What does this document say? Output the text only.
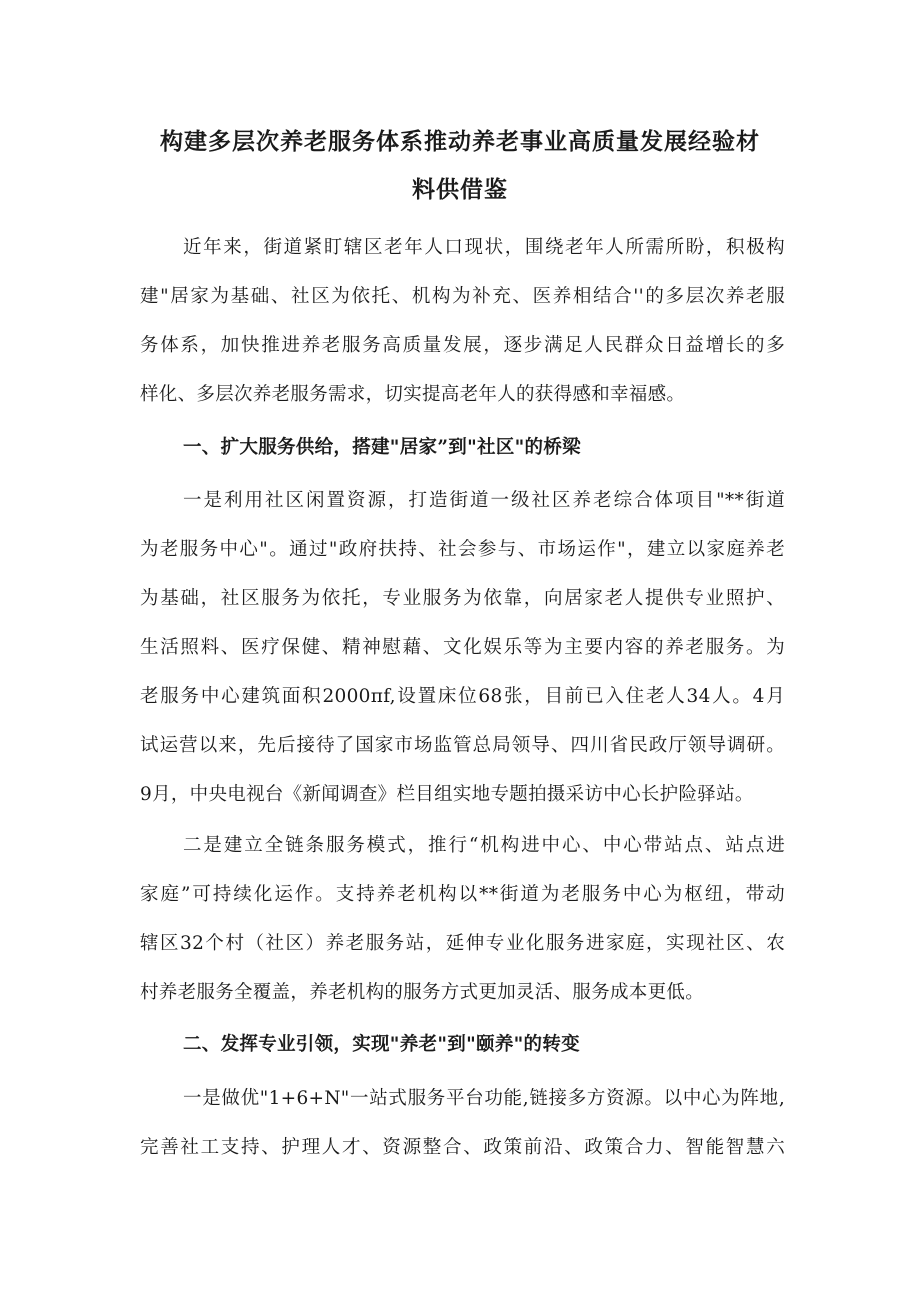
构建多层次养老服务体系推动养老事业高质量发展经验材
料供借鉴
近年来，街道紧盯辖区老年人口现状，围绕老年人所需所盼，积极构
建"居家为基础、社区为依托、机构为补充、医养相结合''的多层次养老服
务体系，加快推进养老服务高质量发展，逐步满足人民群众日益增长的多
样化、多层次养老服务需求，切实提高老年人的获得感和幸福感。
一、扩大服务供给，搭建"居家”到"社区"的桥梁
一是利用社区闲置资源，打造街道一级社区养老综合体项目"**街道
为老服务中心"。通过"政府扶持、社会参与、市场运作"，建立以家庭养老
为基础，社区服务为依托，专业服务为依靠，向居家老人提供专业照护、
生活照料、医疗保健、精神慰藉、文化娱乐等为主要内容的养老服务。为
老服务中心建筑面积2000πf,设置床位68张，目前已入住老人34人。4月
试运营以来，先后接待了国家市场监管总局领导、四川省民政厅领导调研。
9月，中央电视台《新闻调查》栏目组实地专题拍摄采访中心长护险驿站。
二是建立全链条服务模式，推行“机构进中心、中心带站点、站点进
家庭”可持续化运作。支持养老机构以**街道为老服务中心为枢纽，带动
辖区32个村（社区）养老服务站，延伸专业化服务进家庭，实现社区、农
村养老服务全覆盖，养老机构的服务方式更加灵活、服务成本更低。
二、发挥专业引领，实现"养老"到"颐养"的转变
一是做优"1+6+N"一站式服务平台功能,链接多方资源。以中心为阵地,
完善社工支持、护理人才、资源整合、政策前沿、政策合力、智能智慧六
